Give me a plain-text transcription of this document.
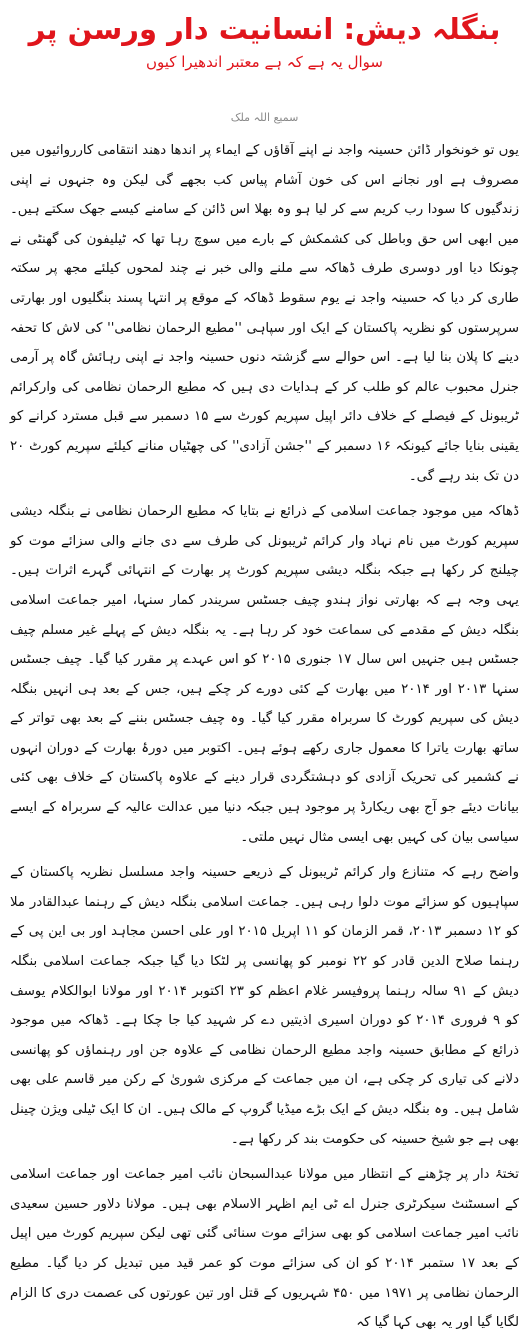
بنگلہ دیش: انسانیت دار ورسن پر
سوال یہ ہے کہ ہے معتبر اندھیرا کیوں
سمیع اللہ ملک

یوں تو خونخوار ڈائن حسینہ واجد نے اپنے آقاؤں کے ایماء پر اندھا دھند انتقامی کارروائیوں میں مصروف ہے اور نجانے اس کی خون آشام پیاس کب بجھے گی لیکن وہ جنہوں نے اپنی زندگیوں کا سودا رب کریم سے کر لیا ہو وہ بھلا اس ڈائن کے سامنے کیسے جھک سکتے ہیں۔ میں ابھی اس حق وباطل کی کشمکش کے بارے میں سوچ رہا تھا کہ ٹیلیفون کی گھنٹی نے چونکا دیا اور دوسری طرف ڈھاکہ سے ملنے والی خبر نے چند لمحوں کیلئے مجھ پر سکتہ طاری کر دیا کہ حسینہ واجد نے یوم سقوط ڈھاکہ کے موقع پر انتہا پسند بنگلیوں اور بھارتی سرپرستوں کو نظریہ پاکستان کے ایک اور سپاہی ''مطیع الرحمان نظامی'' کی لاش کا تحفہ دینے کا پلان بنا لیا ہے۔ اس حوالے سے گزشتہ دنوں حسینہ واجد نے اپنی رہائش گاہ پر آرمی جنرل محبوب عالم کو طلب کر کے ہدایات دی ہیں کہ مطیع الرحمان نظامی کی وارکرائم ٹریبونل کے فیصلے کے خلاف دائر اپیل سپریم کورٹ سے ۱۵ دسمبر سے قبل مسترد کرانے کو یقینی بنایا جائے کیونکہ ۱۶ دسمبر کے ''جشن آزادی'' کی چھٹیاں منانے کیلئے سپریم کورٹ ۲۰ دن تک بند رہے گی۔

ڈھاکہ میں موجود جماعت اسلامی کے ذرائع نے بتایا کہ مطیع الرحمان نظامی نے بنگلہ دیشی سپریم کورٹ میں نام نہاد وار کرائم ٹریبونل کی طرف سے دی جانے والی سزائے موت کو چیلنج کر رکھا ہے جبکہ بنگلہ دیشی سپریم کورٹ پر بھارت کے انتہائی گہرے اثرات ہیں۔ یہی وجہ ہے کہ بھارتی نواز ہندو چیف جسٹس سریندر کمار سنہا، امیر جماعت اسلامی بنگلہ دیش کے مقدمے کی سماعت خود کر رہا ہے۔ یہ بنگلہ دیش کے پہلے غیر مسلم چیف جسٹس ہیں جنہیں اس سال ۱۷ جنوری ۲۰۱۵ کو اس عہدے پر مقرر کیا گیا۔ چیف جسٹس سنہا ۲۰۱۳ اور ۲۰۱۴ میں بھارت کے کئی دورے کر چکے ہیں، جس کے بعد ہی انہیں بنگلہ دیش کی سپریم کورٹ کا سربراہ مقرر کیا گیا۔ وہ چیف جسٹس بننے کے بعد بھی تواتر کے ساتھ بھارت یاترا کا معمول جاری رکھے ہوئے ہیں۔ اکتوبر میں دورۂ بھارت کے دوران انہوں نے کشمیر کی تحریک آزادی کو دہشتگردی قرار دینے کے علاوہ پاکستان کے خلاف بھی کئی بیانات دیئے جو آج بھی ریکارڈ پر موجود ہیں جبکہ دنیا میں عدالت عالیہ کے سربراہ کے ایسے سیاسی بیان کی کہیں بھی ایسی مثال نہیں ملتی۔

واضح رہے کہ متنازع وار کرائم ٹریبونل کے ذریعے حسینہ واجد مسلسل نظریہ پاکستان کے سپاہیوں کو سزائے موت دلوا رہی ہیں۔ جماعت اسلامی بنگلہ دیش کے رہنما عبدالقادر ملا کو ۱۲ دسمبر ۲۰۱۳، قمر الزمان کو ۱۱ اپریل ۲۰۱۵ اور علی احسن مجاہد اور بی این پی کے رہنما صلاح الدین قادر کو ۲۲ نومبر کو پھانسی پر لٹکا دیا گیا جبکہ جماعت اسلامی بنگلہ دیش کے ۹۱ سالہ رہنما پروفیسر غلام اعظم کو ۲۳ اکتوبر ۲۰۱۴ اور مولانا ابوالکلام یوسف کو ۹ فروری ۲۰۱۴ کو دوران اسیری اذیتیں دے کر شہید کیا جا چکا ہے۔ ڈھاکہ میں موجود ذرائع کے مطابق حسینہ واجد مطیع الرحمان نظامی کے علاوہ جن اور رہنماؤں کو پھانسی دلانے کی تیاری کر چکی ہے، ان میں جماعت کے مرکزی شوریٰ کے رکن میر قاسم علی بھی شامل ہیں۔ وہ بنگلہ دیش کے ایک بڑے میڈیا گروپ کے مالک ہیں۔ ان کا ایک ٹیلی ویژن چینل بھی ہے جو شیخ حسینہ کی حکومت بند کر رکھا ہے۔

تختۂ دار پر چڑھنے کے انتظار میں مولانا عبدالسبحان نائب امیر جماعت اور جماعت اسلامی کے اسسٹنٹ سیکرٹری جنرل اے ٹی ایم اظہر الاسلام بھی ہیں۔ مولانا دلاور حسین سعیدی نائب امیر جماعت اسلامی کو بھی سزائے موت سنائی گئی تھی لیکن سپریم کورٹ میں اپیل کے بعد ۱۷ ستمبر ۲۰۱۴ کو ان کی سزائے موت کو عمر قید میں تبدیل کر دیا گیا۔ مطیع الرحمان نظامی پر ۱۹۷۱ میں ۴۵۰ شہریوں کے قتل اور تین عورتوں کی عصمت دری کا الزام لگایا گیا اور یہ بھی کہا گیا کہ
